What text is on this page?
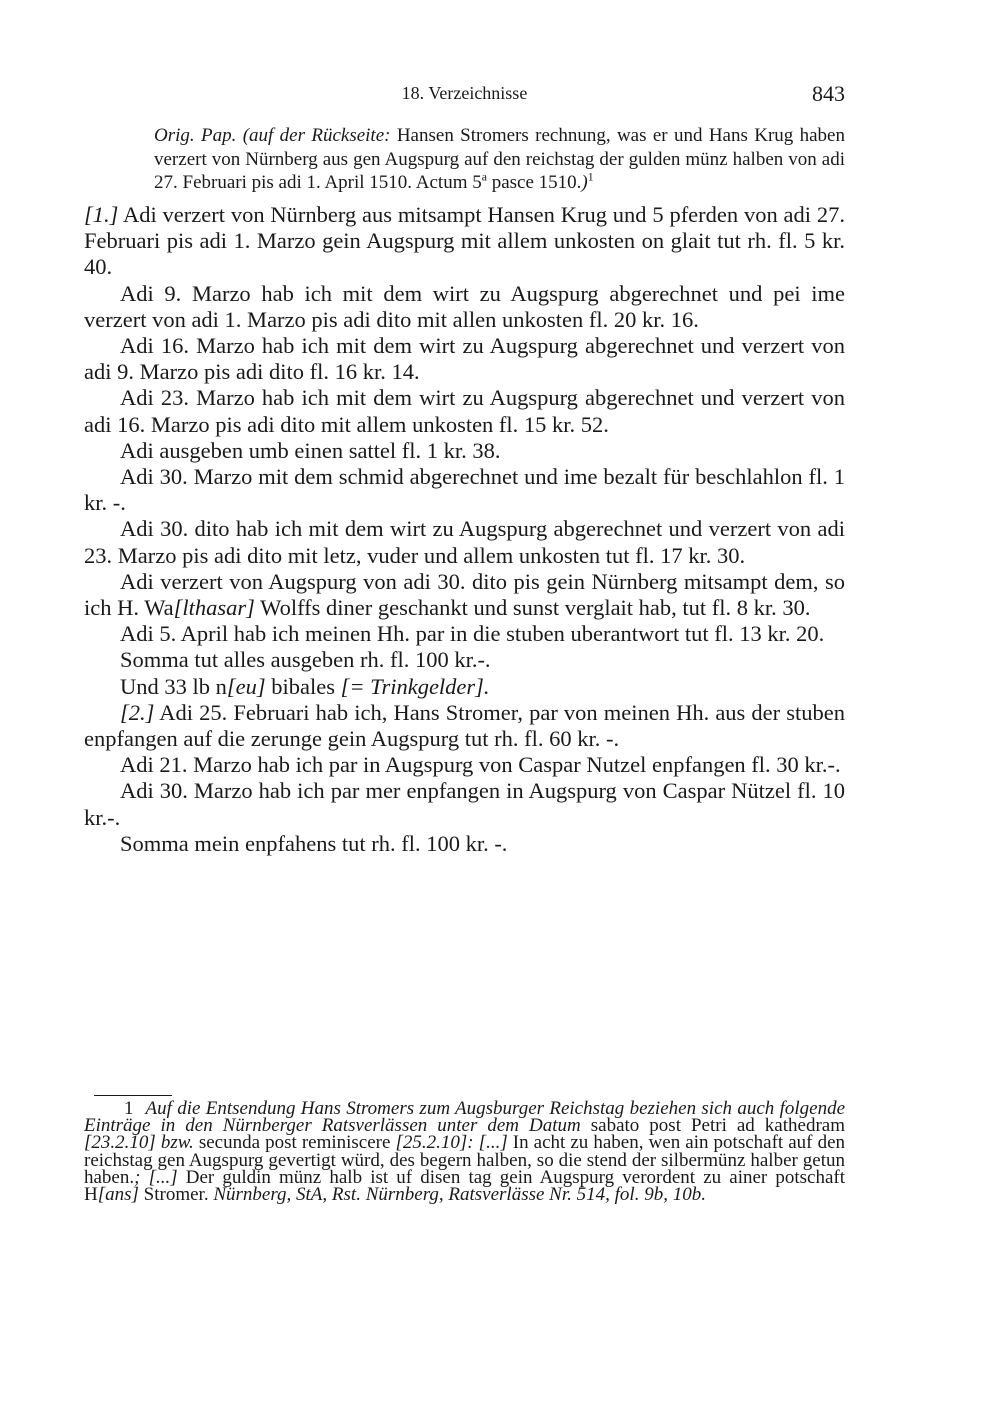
18. Verzeichnisse	843
Orig. Pap. (auf der Rückseite: Hansen Stromers rechnung, was er und Hans Krug haben verzert von Nürnberg aus gen Augspurg auf den reichstag der gulden münz halben von adi 27. Februari pis adi 1. April 1510. Actum 5$^a$ pasce 1510.)$^1$

[1.] Adi verzert von Nürnberg aus mitsampt Hansen Krug und 5 pferden von adi 27. Februari pis adi 1. Marzo gein Augspurg mit allem unkosten on glait tut rh. fl. 5 kr. 40.

Adi 9. Marzo hab ich mit dem wirt zu Augspurg abgerechnet und pei ime verzert von adi 1. Marzo pis adi dito mit allen unkosten fl. 20 kr. 16.

Adi 16. Marzo hab ich mit dem wirt zu Augspurg abgerechnet und verzert von adi 9. Marzo pis adi dito fl. 16 kr. 14.

Adi 23. Marzo hab ich mit dem wirt zu Augspurg abgerechnet und verzert von adi 16. Marzo pis adi dito mit allem unkosten fl. 15 kr. 52.

Adi ausgeben umb einen sattel fl. 1 kr. 38.

Adi 30. Marzo mit dem schmid abgerechnet und ime bezalt für beschlahlon fl. 1 kr. -.

Adi 30. dito hab ich mit dem wirt zu Augspurg abgerechnet und verzert von adi 23. Marzo pis adi dito mit letz, vuder und allem unkosten tut fl. 17 kr. 30.

Adi verzert von Augspurg von adi 30. dito pis gein Nürnberg mitsampt dem, so ich H. Wa[lthasar] Wolffs diner geschankt und sunst verglait hab, tut fl. 8 kr. 30.

Adi 5. April hab ich meinen Hh. par in die stuben uberantwort tut fl. 13 kr. 20.

Somma tut alles ausgeben rh. fl. 100 kr.-.

Und 33 lb n[eu] bibales [= Trinkgelder].

[2.] Adi 25. Februari hab ich, Hans Stromer, par von meinen Hh. aus der stuben enpfangen auf die zerunge gein Augspurg tut rh. fl. 60 kr. -.

Adi 21. Marzo hab ich par in Augspurg von Caspar Nutzel enpfangen fl. 30 kr.-.

Adi 30. Marzo hab ich par mer enpfangen in Augspurg von Caspar Nützel fl. 10 kr.-.

Somma mein enpfahens tut rh. fl. 100 kr. -.

1 Auf die Entsendung Hans Stromers zum Augsburger Reichstag beziehen sich auch folgende Einträge in den Nürnberger Ratsverlässen unter dem Datum sabato post Petri ad kathedram [23.2.10] bzw. secunda post reminiscere [25.2.10]: [...] In acht zu haben, wen ain potschaft auf den reichstag gen Augspurg gevertigt würd, des begern halben, so die stend der silbermünz halber getun haben.; [...] Der guldin münz halb ist uf disen tag gein Augspurg verordent zu ainer potschaft H[ans] Stromer. Nürnberg, StA, Rst. Nürnberg, Ratsverlässe Nr. 514, fol. 9b, 10b.
